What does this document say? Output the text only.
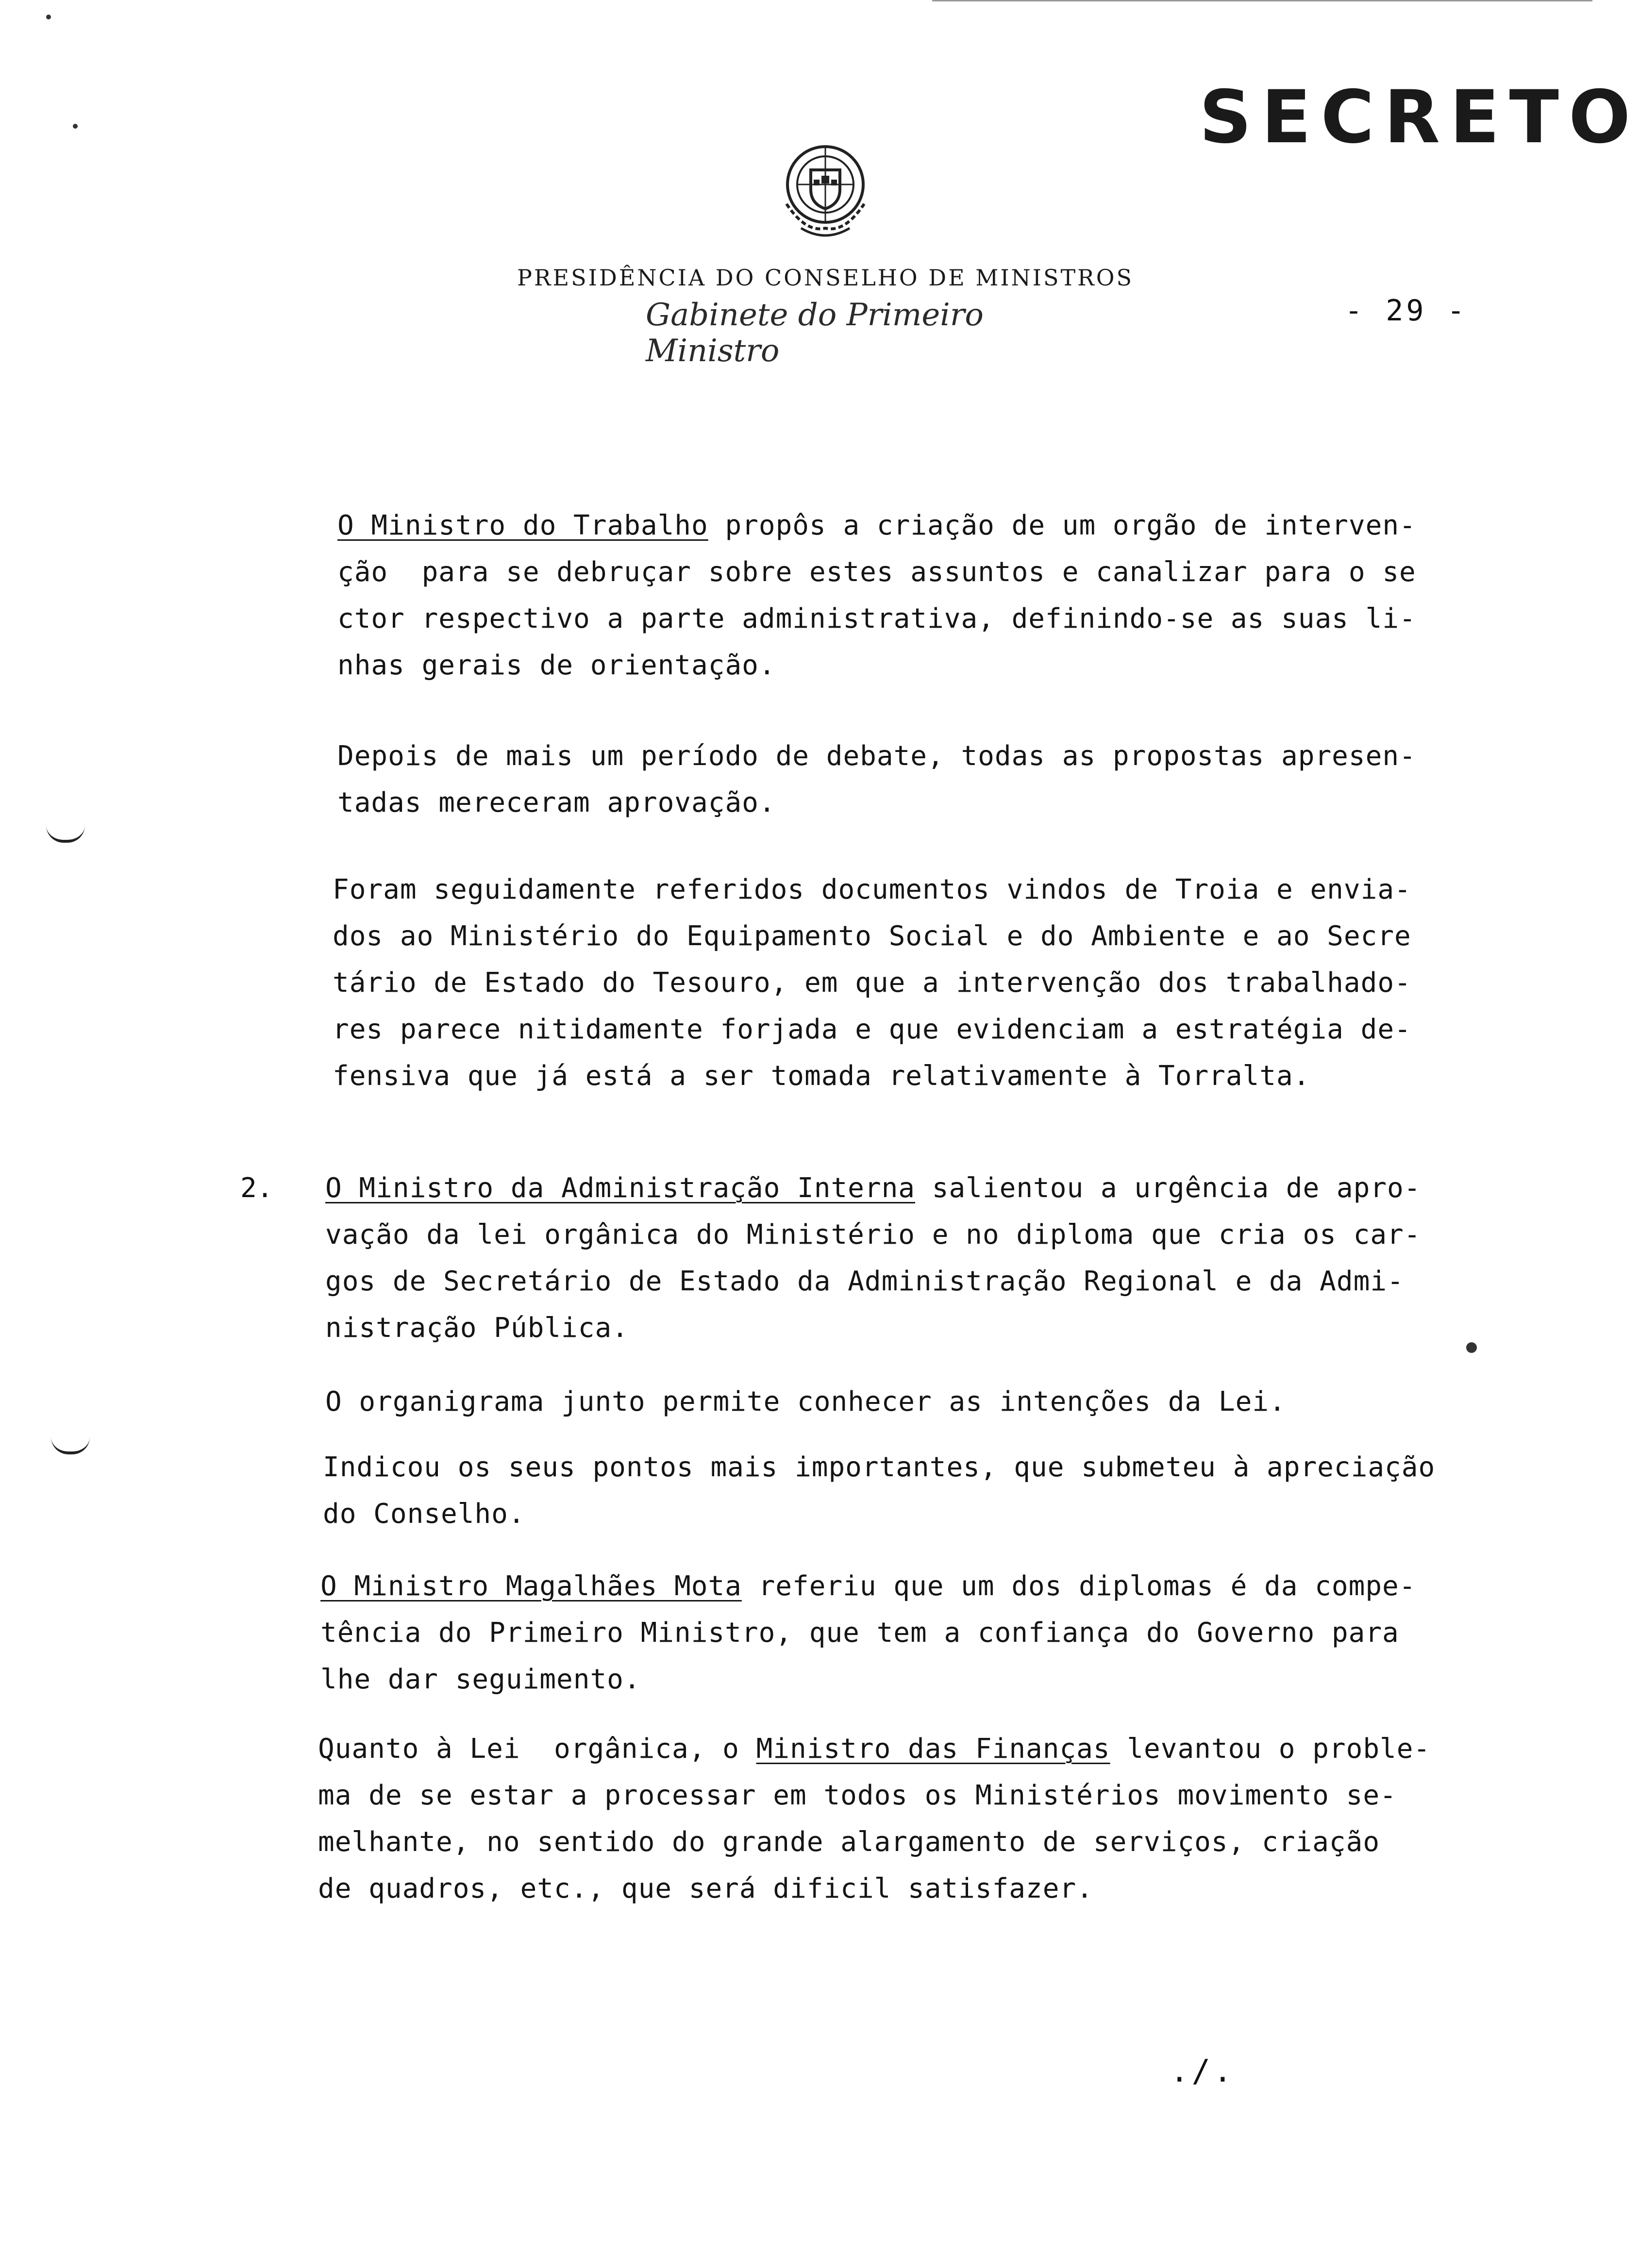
SECRETO
PRESIDÊNCIA DO CONSELHO DE MINISTROS
Gabinete do Primeiro Ministro
- 29 -
O Ministro do Trabalho propôs a criação de um orgão de interven-
ção  para se debruçar sobre estes assuntos e canalizar para o se
ctor respectivo a parte administrativa, definindo-se as suas li-
nhas gerais de orientação.
Depois de mais um período de debate, todas as propostas apresen-
tadas mereceram aprovação.
Foram seguidamente referidos documentos vindos de Troia e envia-
dos ao Ministério do Equipamento Social e do Ambiente e ao Secre
tário de Estado do Tesouro, em que a intervenção dos trabalhado-
res parece nitidamente forjada e que evidenciam a estratégia de-
fensiva que já está a ser tomada relativamente à Torralta.
2. O Ministro da Administração Interna salientou a urgência de apro-
vação da lei orgânica do Ministério e no diploma que cria os car-
gos de Secretário de Estado da Administração Regional e da Admi-
nistração Pública.
O organigrama junto permite conhecer as intenções da Lei.
Indicou os seus pontos mais importantes, que submeteu à apreciação
do Conselho.
O Ministro Magalhães Mota referiu que um dos diplomas é da compe-
tência do Primeiro Ministro, que tem a confiança do Governo para
lhe dar seguimento.
Quanto à Lei  orgânica, o Ministro das Finanças levantou o proble-
ma de se estar a processar em todos os Ministérios movimento se-
melhante, no sentido do grande alargamento de serviços, criação
de quadros, etc., que será dificil satisfazer.
./.
